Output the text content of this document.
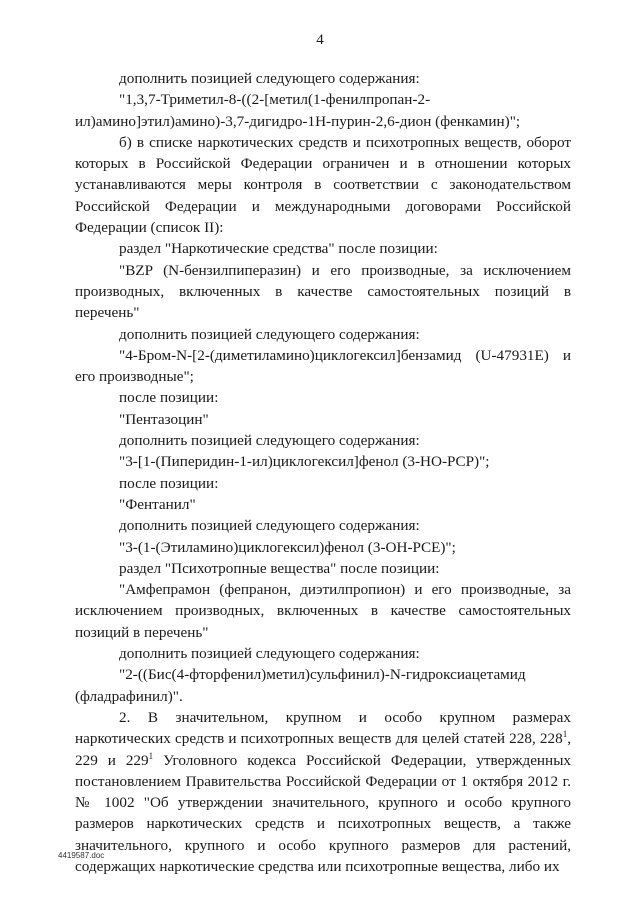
4

дополнить позицией следующего содержания:

"1,3,7-Триметил-8-((2-[метил(1-фенилпропан-2-ил)амино]этил)амино)-3,7-дигидро-1Н-пурин-2,6-дион (фенкамин)";

б) в списке наркотических средств и психотропных веществ, оборот которых в Российской Федерации ограничен и в отношении которых устанавливаются меры контроля в соответствии с законодательством Российской Федерации и международными договорами Российской Федерации (список II):

раздел "Наркотические средства" после позиции:

"BZP (N-бензилпиперазин) и его производные, за исключением производных, включенных в качестве самостоятельных позиций в перечень"

дополнить позицией следующего содержания:

"4-Бром-N-[2-(диметиламино)циклогексил]бензамид (U-47931E) и его производные";

после позиции:

"Пентазоцин"

дополнить позицией следующего содержания:

"3-[1-(Пиперидин-1-ил)циклогексил]фенол (3-HO-PCP)";

после позиции:

"Фентанил"

дополнить позицией следующего содержания:

"3-(1-(Этиламино)циклогексил)фенол (3-OH-PCE)";

раздел "Психотропные вещества" после позиции:

"Амфепрамон (фепранон, диэтилпропион) и его производные, за исключением производных, включенных в качестве самостоятельных позиций в перечень"

дополнить позицией следующего содержания:

"2-((Бис(4-фторфенил)метил)сульфинил)-N-гидроксиацетамид (фладрафинил)".

2. В значительном, крупном и особо крупном размерах наркотических средств и психотропных веществ для целей статей 228, $228^1$, 229 и $229^1$ Уголовного кодекса Российской Федерации, утвержденных постановлением Правительства Российской Федерации от 1 октября 2012 г. № 1002 "Об утверждении значительного, крупного и особо крупного размеров наркотических средств и психотропных веществ, а также значительного, крупного и особо крупного размеров для растений, содержащих наркотические средства или психотропные вещества, либо их

4419587.doc
